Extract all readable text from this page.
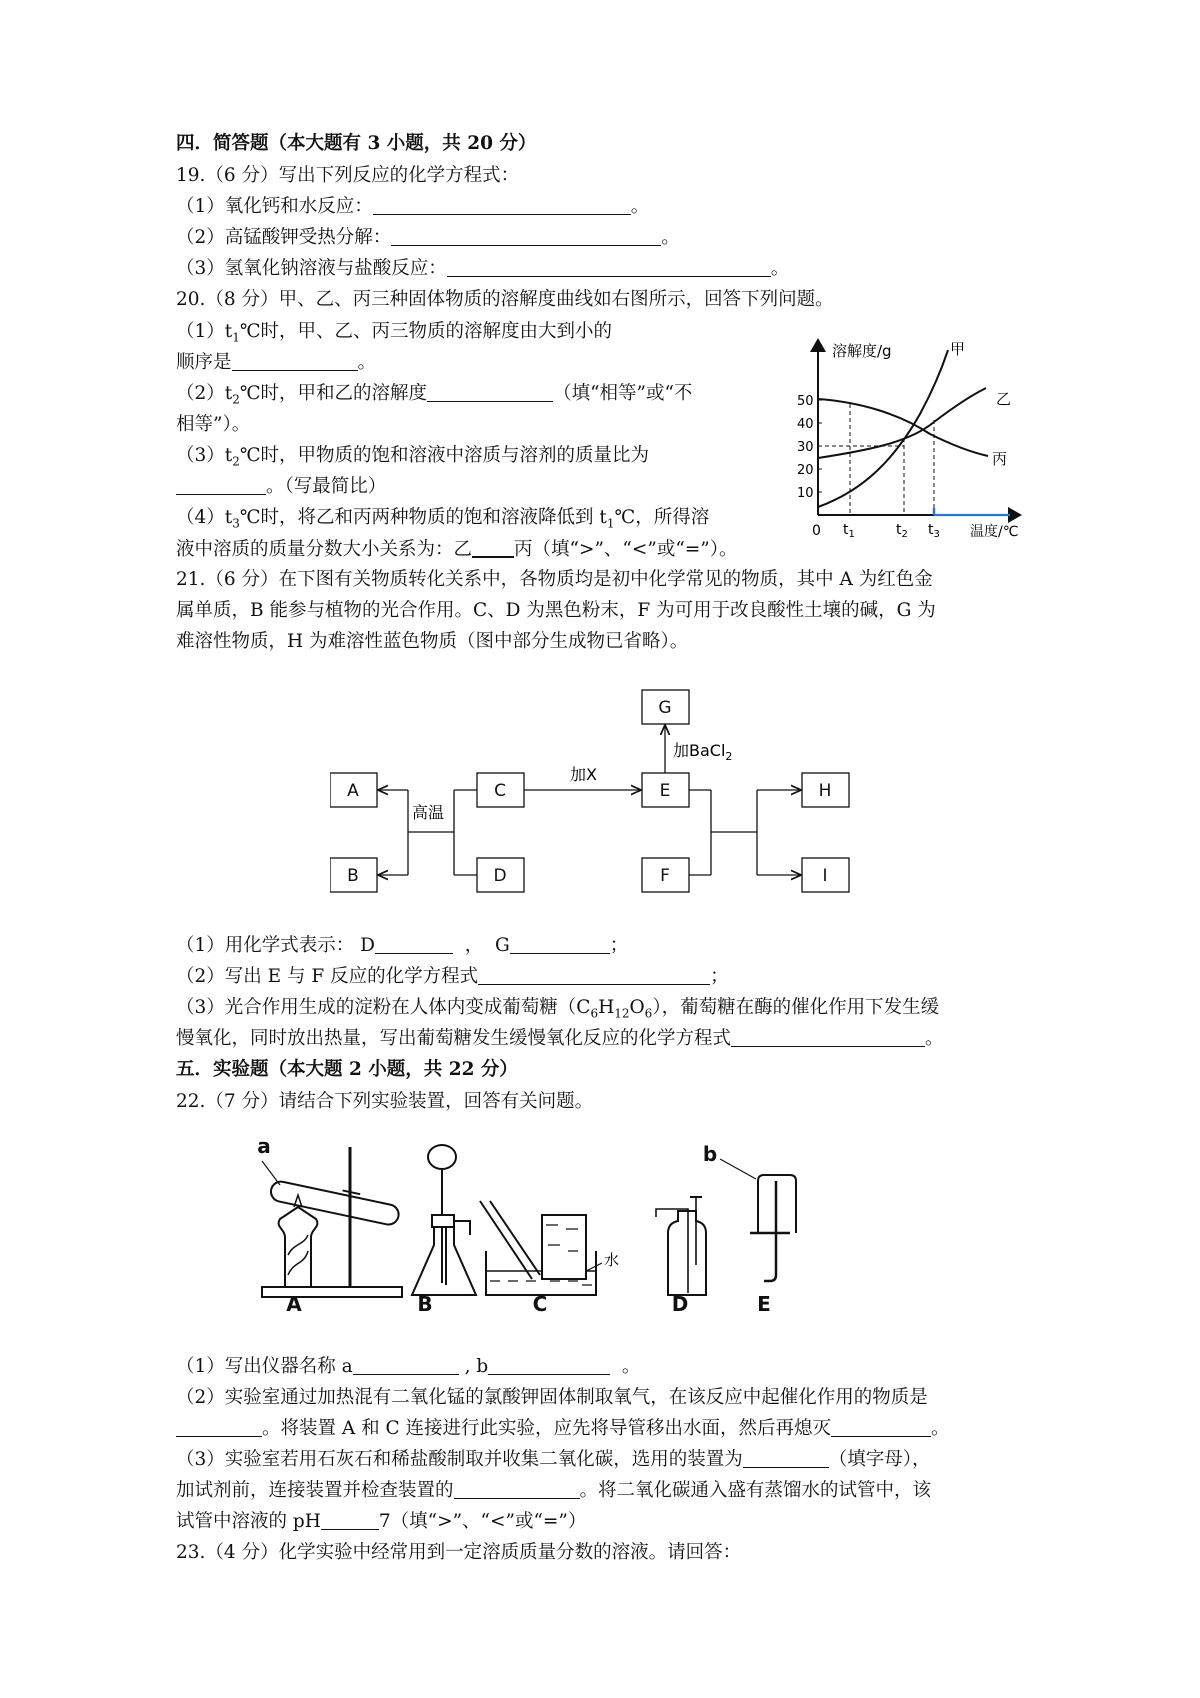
四．简答题（本大题有 3 小题，共 20 分）
19.（6 分）写出下列反应的化学方程式：
（1）氧化钙和水反应：	。
（2）高锰酸钾受热分解：	。
（3）氢氧化钠溶液与盐酸反应：	。
20.（8 分）甲、乙、丙三种固体物质的溶解度曲线如右图所示，回答下列问题。
$(1)t_1℃$时，甲、乙、丙三物质的溶解度由大到小的
顺序是	。
$(2)t_2℃$时，甲和乙的溶解度	（填“相等”或“不
相等”）。
$(3)t_2℃$时，甲物质的饱和溶液中溶质与溶剂的质量比为
。（写最简比）
$(4)t_3℃$时，将乙和丙两种物质的饱和溶液降低到 $t_1℃$，所得溶
液中溶质的质量分数大小关系为：乙 丙（填“>”、“<”或“=”）。
10
20
30
40
50
0
溶解度/g
温度/℃
甲
乙
丙
$t_1$	$t_2$ $t_3$
21.（6 分）在下图有关物质转化关系中，各物质均是初中化学常见的物质，其中 A 为红色金
属单质，B 能参与植物的光合作用。C、D 为黑色粉末，F 为可用于改良酸性土壤的碱，G 为
难溶性物质，H 为难溶性蓝色物质（图中部分生成物已省略）。
G
A	C	E	H
B	D	F	I
高温
加X
加BaCl$_2$
（1）用化学式表示： D	，  G	；
（2）写出 E 与 F 反应的化学方程式	；
（3）光合作用生成的淀粉在人体内变成葡萄糖$(C_6H_{12}O_6)$，葡萄糖在酶的催化作用下发生缓
慢氧化，同时放出热量，写出葡萄糖发生缓慢氧化反应的化学方程式	。
五．实验题（本大题 2 小题，共 22 分）
22.（7 分）请结合下列实验装置，回答有关问题。
A	B	C	D	E
a	b
水
（1）写出仪器名称 a	, b	。
（2）实验室通过加热混有二氧化锰的氯酸钾固体制取氧气，在该反应中起催化作用的物质是
。将装置 A 和 C 连接进行此实验，应先将导管移出水面，然后再熄灭	。
（3）实验室若用石灰石和稀盐酸制取并收集二氧化碳，选用的装置为	（填字母），
加试剂前，连接装置并检查装置的	。将二氧化碳通入盛有蒸馏水的试管中，该
试管中溶液的 pH	7（填“>”、“<”或“=”）
23.（4 分）化学实验中经常用到一定溶质质量分数的溶液。请回答：
